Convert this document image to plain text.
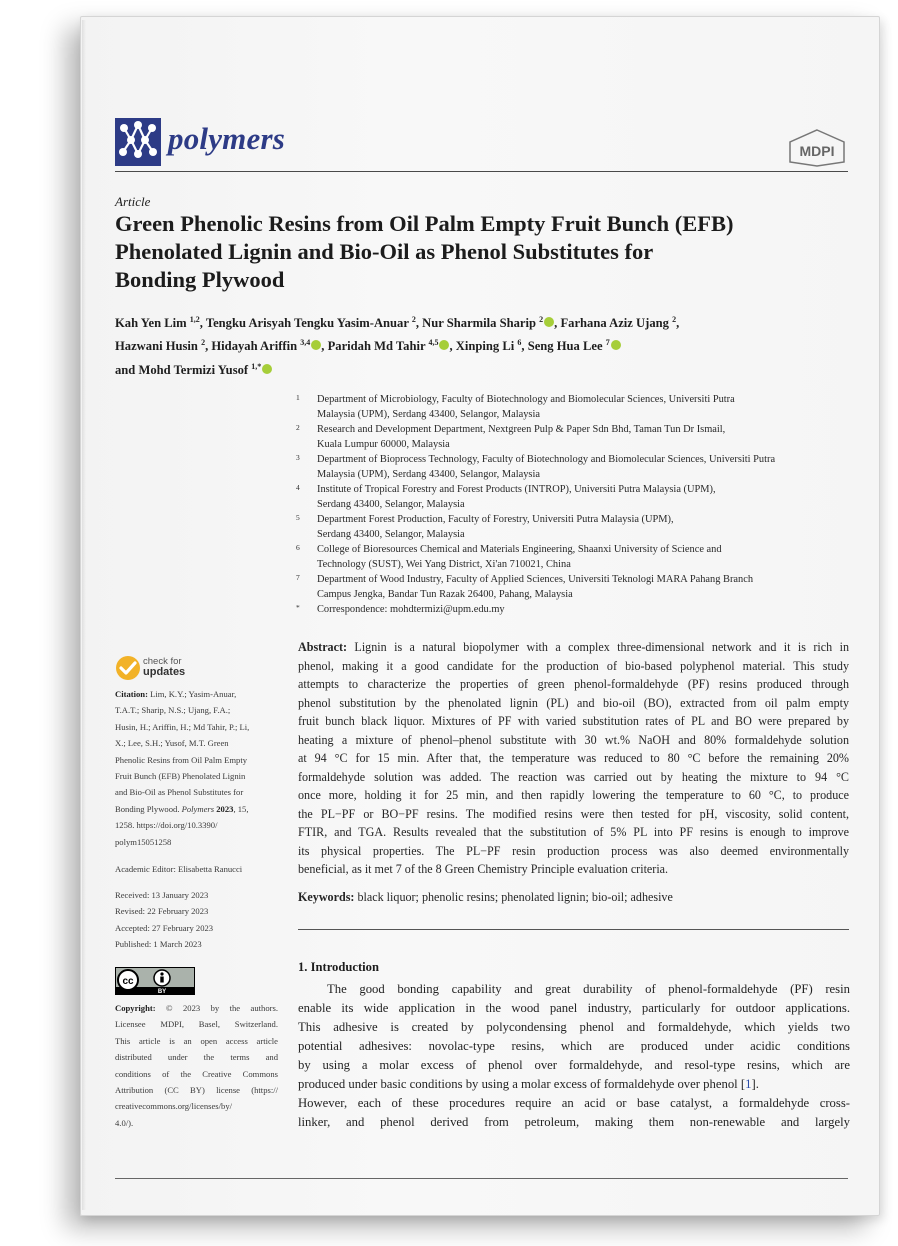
polymers	MDPI
Article
Green Phenolic Resins from Oil Palm Empty Fruit Bunch (EFB)
Phenolated Lignin and Bio-Oil as Phenol Substitutes for
Bonding Plywood
Kah Yen Lim $^{1,2}$, Tengku Arisyah Tengku Yasim-Anuar $^2$, Nur Sharmila Sharip $^2$ , Farhana Aziz Ujang $^2$,
Hazwani Husin $^2$, Hidayah Ariffin $^{3,4}$ , Paridah Md Tahir $^{4,5}$ , Xinping Li $^6$, Seng Hua Lee $^7$
and Mohd Termizi Yusof $^{1,*}$
1 Department of Microbiology, Faculty of Biotechnology and Biomolecular Sciences, Universiti Putra
Malaysia (UPM), Serdang 43400, Selangor, Malaysia
2 Research and Development Department, Nextgreen Pulp & Paper Sdn Bhd, Taman Tun Dr Ismail,
Kuala Lumpur 60000, Malaysia
3 Department of Bioprocess Technology, Faculty of Biotechnology and Biomolecular Sciences, Universiti Putra
Malaysia (UPM), Serdang 43400, Selangor, Malaysia
4 Institute of Tropical Forestry and Forest Products (INTROP), Universiti Putra Malaysia (UPM),
Serdang 43400, Selangor, Malaysia
5 Department Forest Production, Faculty of Forestry, Universiti Putra Malaysia (UPM),
Serdang 43400, Selangor, Malaysia
6 College of Bioresources Chemical and Materials Engineering, Shaanxi University of Science and
Technology (SUST), Wei Yang District, Xi'an 710021, China
7 Department of Wood Industry, Faculty of Applied Sciences, Universiti Teknologi MARA Pahang Branch
Campus Jengka, Bandar Tun Razak 26400, Pahang, Malaysia
* Correspondence: mohdtermizi@upm.edu.my
Abstract: Lignin is a natural biopolymer with a complex three-dimensional network and it is rich in
phenol, making it a good candidate for the production of bio-based polyphenol material. This study
attempts to characterize the properties of green phenol-formaldehyde (PF) resins produced through
phenol substitution by the phenolated lignin (PL) and bio-oil (BO), extracted from oil palm empty
fruit bunch black liquor. Mixtures of PF with varied substitution rates of PL and BO were prepared by
heating a mixture of phenol–phenol substitute with 30 wt.% NaOH and 80% formaldehyde solution
at 94 °C for 15 min. After that, the temperature was reduced to 80 °C before the remaining 20%
formaldehyde solution was added. The reaction was carried out by heating the mixture to 94 °C
once more, holding it for 25 min, and then rapidly lowering the temperature to 60 °C, to produce
the PL−PF or BO−PF resins. The modified resins were then tested for pH, viscosity, solid content,
FTIR, and TGA. Results revealed that the substitution of 5% PL into PF resins is enough to improve
its physical properties. The PL−PF resin production process was also deemed environmentally
beneficial, as it met 7 of the 8 Green Chemistry Principle evaluation criteria.
Keywords: black liquor; phenolic resins; phenolated lignin; bio-oil; adhesive
1. Introduction
The good bonding capability and great durability of phenol-formaldehyde (PF) resin
enable its wide application in the wood panel industry, particularly for outdoor applications.
This adhesive is created by polycondensing phenol and formaldehyde, which yields two
potential adhesives: novolac-type resins, which are produced under acidic conditions
by using a molar excess of phenol over formaldehyde, and resol-type resins, which are
produced under basic conditions by using a molar excess of formaldehyde over phenol [1].
However, each of these procedures require an acid or base catalyst, a formaldehyde cross-
linker, and phenol derived from petroleum, making them non-renewable and largely
check for
updates
Citation: Lim, K.Y.; Yasim-Anuar,
T.A.T.; Sharip, N.S.; Ujang, F.A.;
Husin, H.; Ariffin, H.; Md Tahir, P.; Li,
X.; Lee, S.H.; Yusof, M.T. Green
Phenolic Resins from Oil Palm Empty
Fruit Bunch (EFB) Phenolated Lignin
and Bio-Oil as Phenol Substitutes for
Bonding Plywood. Polymers 2023, 15,
1258. https://doi.org/10.3390/
polym15051258
Academic Editor: Elisabetta Ranucci
Received: 13 January 2023
Revised: 22 February 2023
Accepted: 27 February 2023
Published: 1 March 2023
cc
BY
Copyright: © 2023 by the authors.
Licensee MDPI, Basel, Switzerland.
This article is an open access article
distributed under the terms and
conditions of the Creative Commons
Attribution (CC BY) license (https://
creativecommons.org/licenses/by/
4.0/).
